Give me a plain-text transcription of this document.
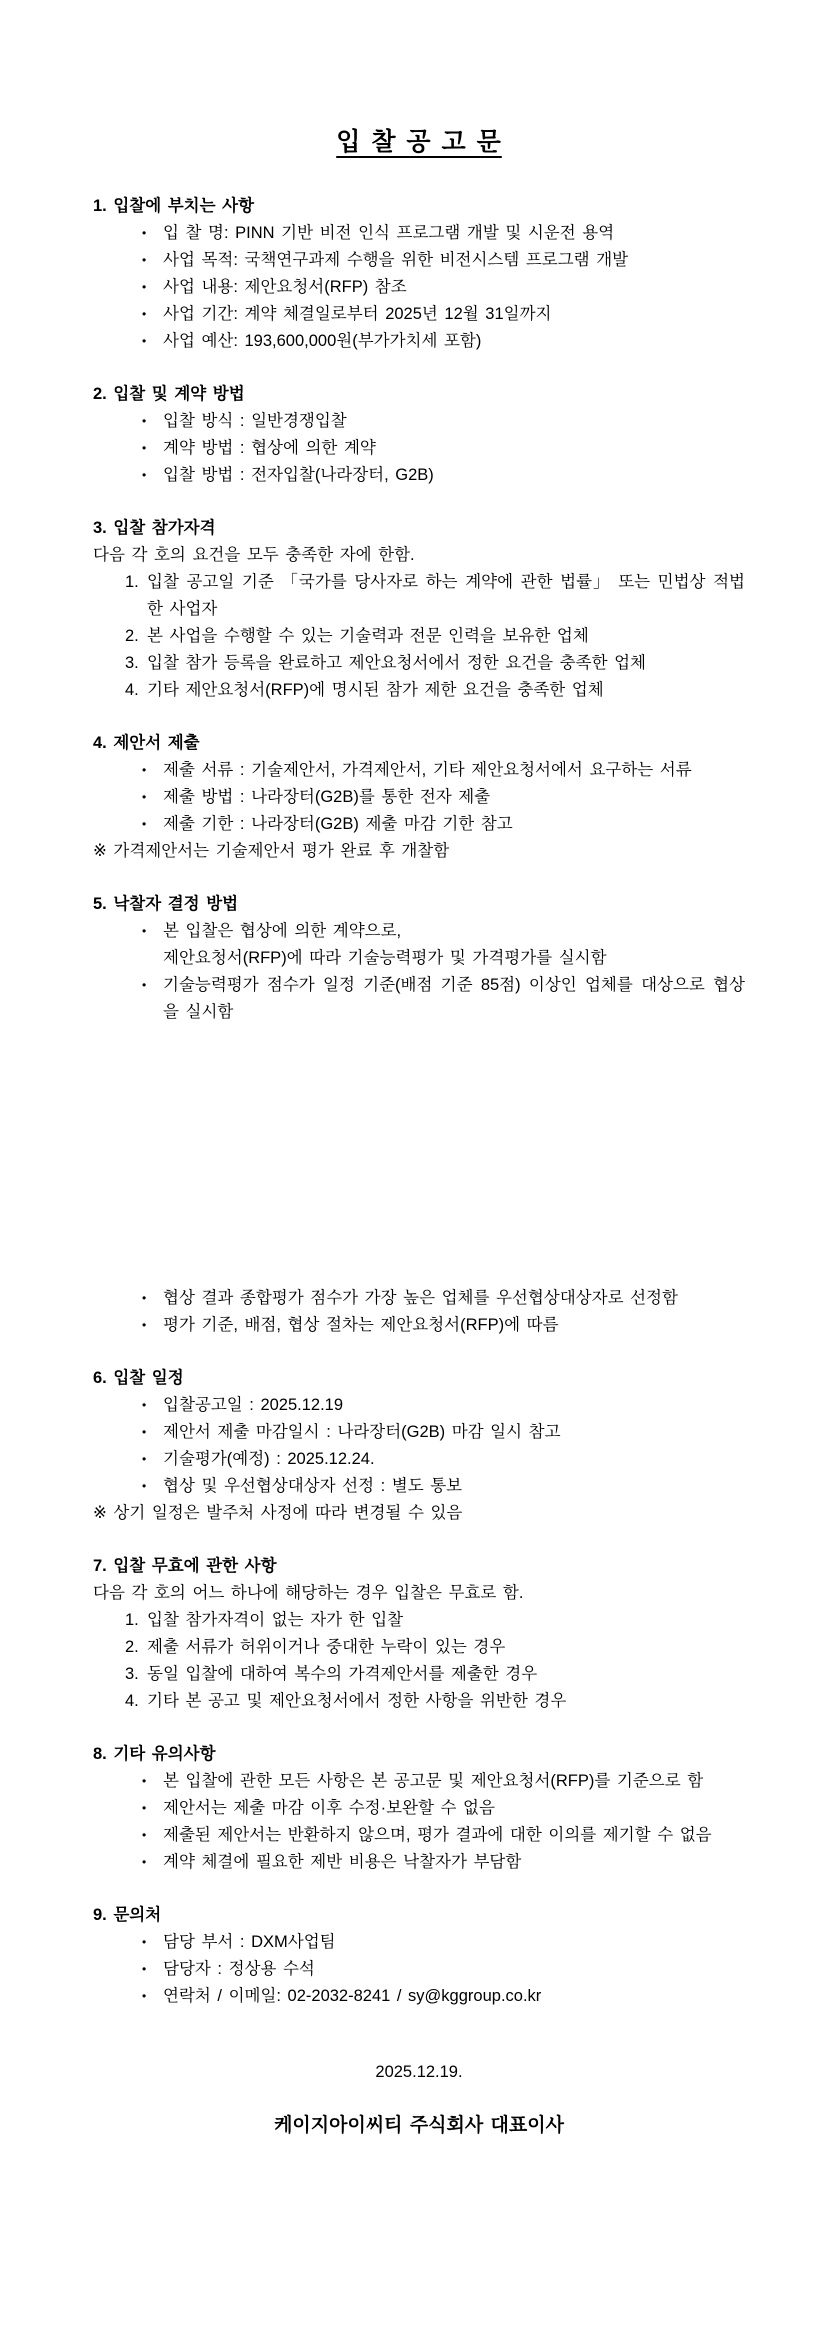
입 찰 공 고 문
1. 입찰에 부치는 사항
•	입 찰 명: PINN 기반 비전 인식 프로그램 개발 및 시운전 용역
•	사업 목적: 국책연구과제 수행을 위한 비전시스템 프로그램 개발
•	사업 내용: 제안요청서(RFP) 참조
•	사업 기간: 계약 체결일로부터 2025년 12월 31일까지
•	사업 예산: 193,600,000원(부가가치세 포함)
2. 입찰 및 계약 방법
•	입찰 방식 : 일반경쟁입찰
•	계약 방법 : 협상에 의한 계약
•	입찰 방법 : 전자입찰(나라장터, G2B)
3. 입찰 참가자격

다음 각 호의 요건을 모두 충족한 자에 한함.

1. 입찰 공고일 기준 「국가를 당사자로 하는 계약에 관한 법률」 또는 민법상 적법한 사업자
2. 본 사업을 수행할 수 있는 기술력과 전문 인력을 보유한 업체
3. 입찰 참가 등록을 완료하고 제안요청서에서 정한 요건을 충족한 업체
4. 기타 제안요청서(RFP)에 명시된 참가 제한 요건을 충족한 업체
4. 제안서 제출
•	제출 서류 : 기술제안서, 가격제안서, 기타 제안요청서에서 요구하는 서류
•	제출 방법 : 나라장터(G2B)를 통한 전자 제출
•	제출 기한 : 나라장터(G2B) 제출 마감 기한 참고

※ 가격제안서는 기술제안서 평가 완료 후 개찰함

5. 낙찰자 결정 방법
•	본 입찰은 협상에 의한 계약으로,
제안요청서(RFP)에 따라 기술능력평가 및 가격평가를 실시함
•	기술능력평가 점수가 일정 기준(배점 기준 85점) 이상인 업체를 대상으로 협상을 실시함
•	협상 결과 종합평가 점수가 가장 높은 업체를 우선협상대상자로 선정함
•	평가 기준, 배점, 협상 절차는 제안요청서(RFP)에 따름
6. 입찰 일정
•	입찰공고일 : 2025.12.19
•	제안서 제출 마감일시 : 나라장터(G2B) 마감 일시 참고
•	기술평가(예정) : 2025.12.24.
•	협상 및 우선협상대상자 선정 : 별도 통보

※ 상기 일정은 발주처 사정에 따라 변경될 수 있음

7. 입찰 무효에 관한 사항

다음 각 호의 어느 하나에 해당하는 경우 입찰은 무효로 함.

1. 입찰 참가자격이 없는 자가 한 입찰
2. 제출 서류가 허위이거나 중대한 누락이 있는 경우
3. 동일 입찰에 대하여 복수의 가격제안서를 제출한 경우
4. 기타 본 공고 및 제안요청서에서 정한 사항을 위반한 경우
8. 기타 유의사항
•	본 입찰에 관한 모든 사항은 본 공고문 및 제안요청서(RFP)를 기준으로 함
•	제안서는 제출 마감 이후 수정·보완할 수 없음
•	제출된 제안서는 반환하지 않으며, 평가 결과에 대한 이의를 제기할 수 없음
•	계약 체결에 필요한 제반 비용은 낙찰자가 부담함
9. 문의처
•	담당 부서 : DXM사업팀
•	담당자 : 정상용 수석
•	연락처 / 이메일: 02-2032-8241 / sy@kggroup.co.kr
2025.12.19.
케이지아이씨티 주식회사 대표이사
